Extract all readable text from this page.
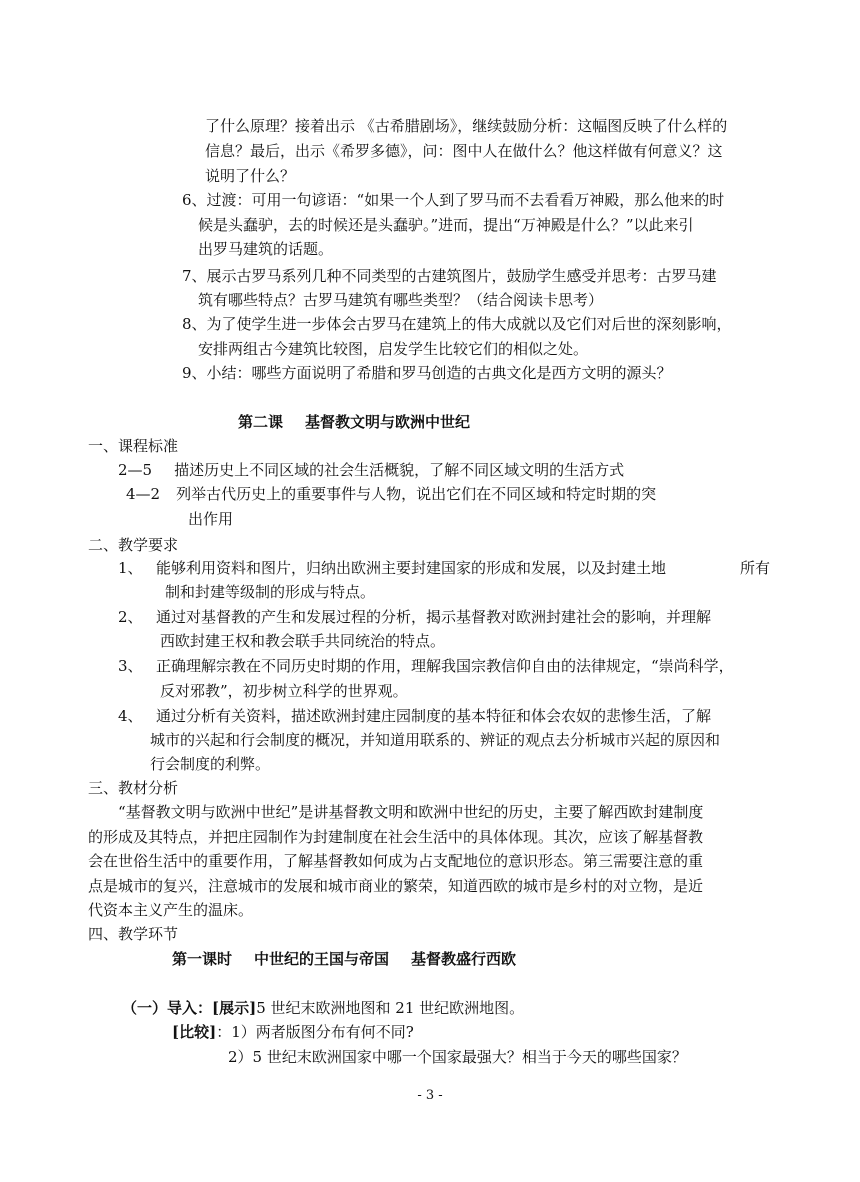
了什么原理？接着出示 《古希腊剧场》，继续鼓励分析：这幅图反映了什么样的
信息？最后，出示《希罗多德》，问：图中人在做什么？他这样做有何意义？这
说明了什么？
6、过渡：可用一句谚语：“如果一个人到了罗马而不去看看万神殿，那么他来的时
候是头蠢驴，去的时候还是头蠢驴。”进而，提出“万神殿是什么？”以此来引
出罗马建筑的话题。
7、展示古罗马系列几种不同类型的古建筑图片，鼓励学生感受并思考：古罗马建
筑有哪些特点？古罗马建筑有哪些类型？（结合阅读卡思考）
8、为了使学生进一步体会古罗马在建筑上的伟大成就以及它们对后世的深刻影响，
安排两组古今建筑比较图，启发学生比较它们的相似之处。
9、小结：哪些方面说明了希腊和罗马创造的古典文化是西方文明的源头？
第二课 基督教文明与欧洲中世纪
一、课程标准
2—5 描述历史上不同区域的社会生活概貌，了解不同区域文明的生活方式
4—2 列举古代历史上的重要事件与人物，说出它们在不同区域和特定时期的突
出作用
二、教学要求
1、 能够利用资料和图片，归纳出欧洲主要封建国家的形成和发展，以及封建土地	所有
制和封建等级制的形成与特点。
2、 通过对基督教的产生和发展过程的分析，揭示基督教对欧洲封建社会的影响，并理解
西欧封建王权和教会联手共同统治的特点。
3、 正确理解宗教在不同历史时期的作用，理解我国宗教信仰自由的法律规定，“崇尚科学，
反对邪教”，初步树立科学的世界观。
4、 通过分析有关资料，描述欧洲封建庄园制度的基本特征和体会农奴的悲惨生活，了解
城市的兴起和行会制度的概况，并知道用联系的、辨证的观点去分析城市兴起的原因和
行会制度的利弊。
三、教材分析
“基督教文明与欧洲中世纪”是讲基督教文明和欧洲中世纪的历史，主要了解西欧封建制度
的形成及其特点，并把庄园制作为封建制度在社会生活中的具体体现。其次，应该了解基督教
会在世俗生活中的重要作用，了解基督教如何成为占支配地位的意识形态。第三需要注意的重
点是城市的复兴，注意城市的发展和城市商业的繁荣，知道西欧的城市是乡村的对立物，是近
代资本主义产生的温床。
四、教学环节
第一课时 中世纪的王国与帝国 基督教盛行西欧
（一）导入：[展示]5 世纪末欧洲地图和 21 世纪欧洲地图。
[比较]：1）两者版图分布有何不同?
2）5 世纪末欧洲国家中哪一个国家最强大？相当于今天的哪些国家？
- 3 -
